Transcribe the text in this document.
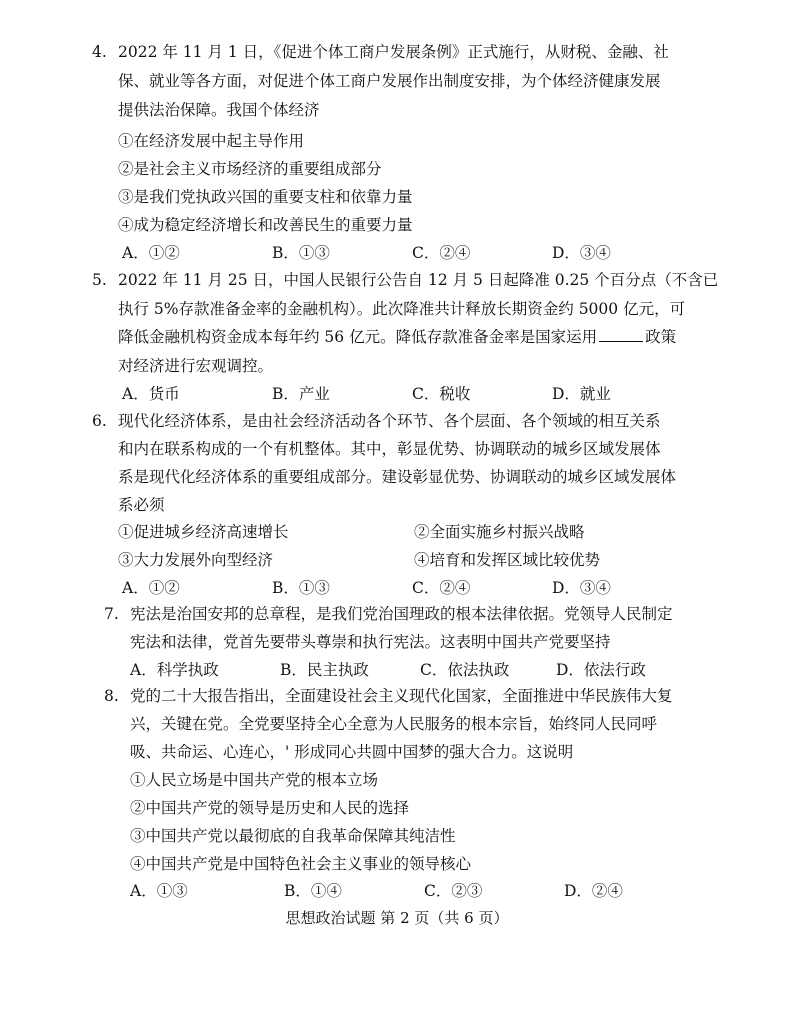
4. 2022 年 11 月 1 日，《促进个体工商户发展条例》正式施行，从财税、金融、社
保、就业等各方面，对促进个体工商户发展作出制度安排，为个体经济健康发展
提供法治保障。我国个体经济
①在经济发展中起主导作用
②是社会主义市场经济的重要组成部分
③是我们党执政兴国的重要支柱和依靠力量
④成为稳定经济增长和改善民生的重要力量
A．①②	B．①③	C．②④	D．③④
5. 2022 年 11 月 25 日，中国人民银行公告自 12 月 5 日起降准 0.25 个百分点（不含已
执行 5%存款准备金率的金融机构）。此次降准共计释放长期资金约 5000 亿元，可
降低金融机构资金成本每年约 56 亿元。降低存款准备金率是国家运用	政策
对经济进行宏观调控。
A．货币	B．产业	C．税收	D．就业
6. 现代化经济体系，是由社会经济活动各个环节、各个层面、各个领域的相互关系
和内在联系构成的一个有机整体。其中，彰显优势、协调联动的城乡区域发展体
系是现代化经济体系的重要组成部分。建设彰显优势、协调联动的城乡区域发展体
系必须
①促进城乡经济高速增长	②全面实施乡村振兴战略
③大力发展外向型经济	④培育和发挥区域比较优势
A．①②	B．①③	C．②④	D．③④
7. 宪法是治国安邦的总章程，是我们党治国理政的根本法律依据。党领导人民制定
宪法和法律，党首先要带头尊崇和执行宪法。这表明中国共产党要坚持
A．科学执政	B．民主执政	C．依法执政	D．依法行政
8. 党的二十大报告指出，全面建设社会主义现代化国家，全面推进中华民族伟大复
兴，关键在党。全党要坚持全心全意为人民服务的根本宗旨，始终同人民同呼
吸、共命运、心连心，' 形成同心共圆中国梦的强大合力。这说明
①人民立场是中国共产党的根本立场
②中国共产党的领导是历史和人民的选择
③中国共产党以最彻底的自我革命保障其纯洁性
④中国共产党是中国特色社会主义事业的领导核心
A．①③	B．①④	C．②③	D．②④
思想政治试题 第 2 页（共 6 页）
